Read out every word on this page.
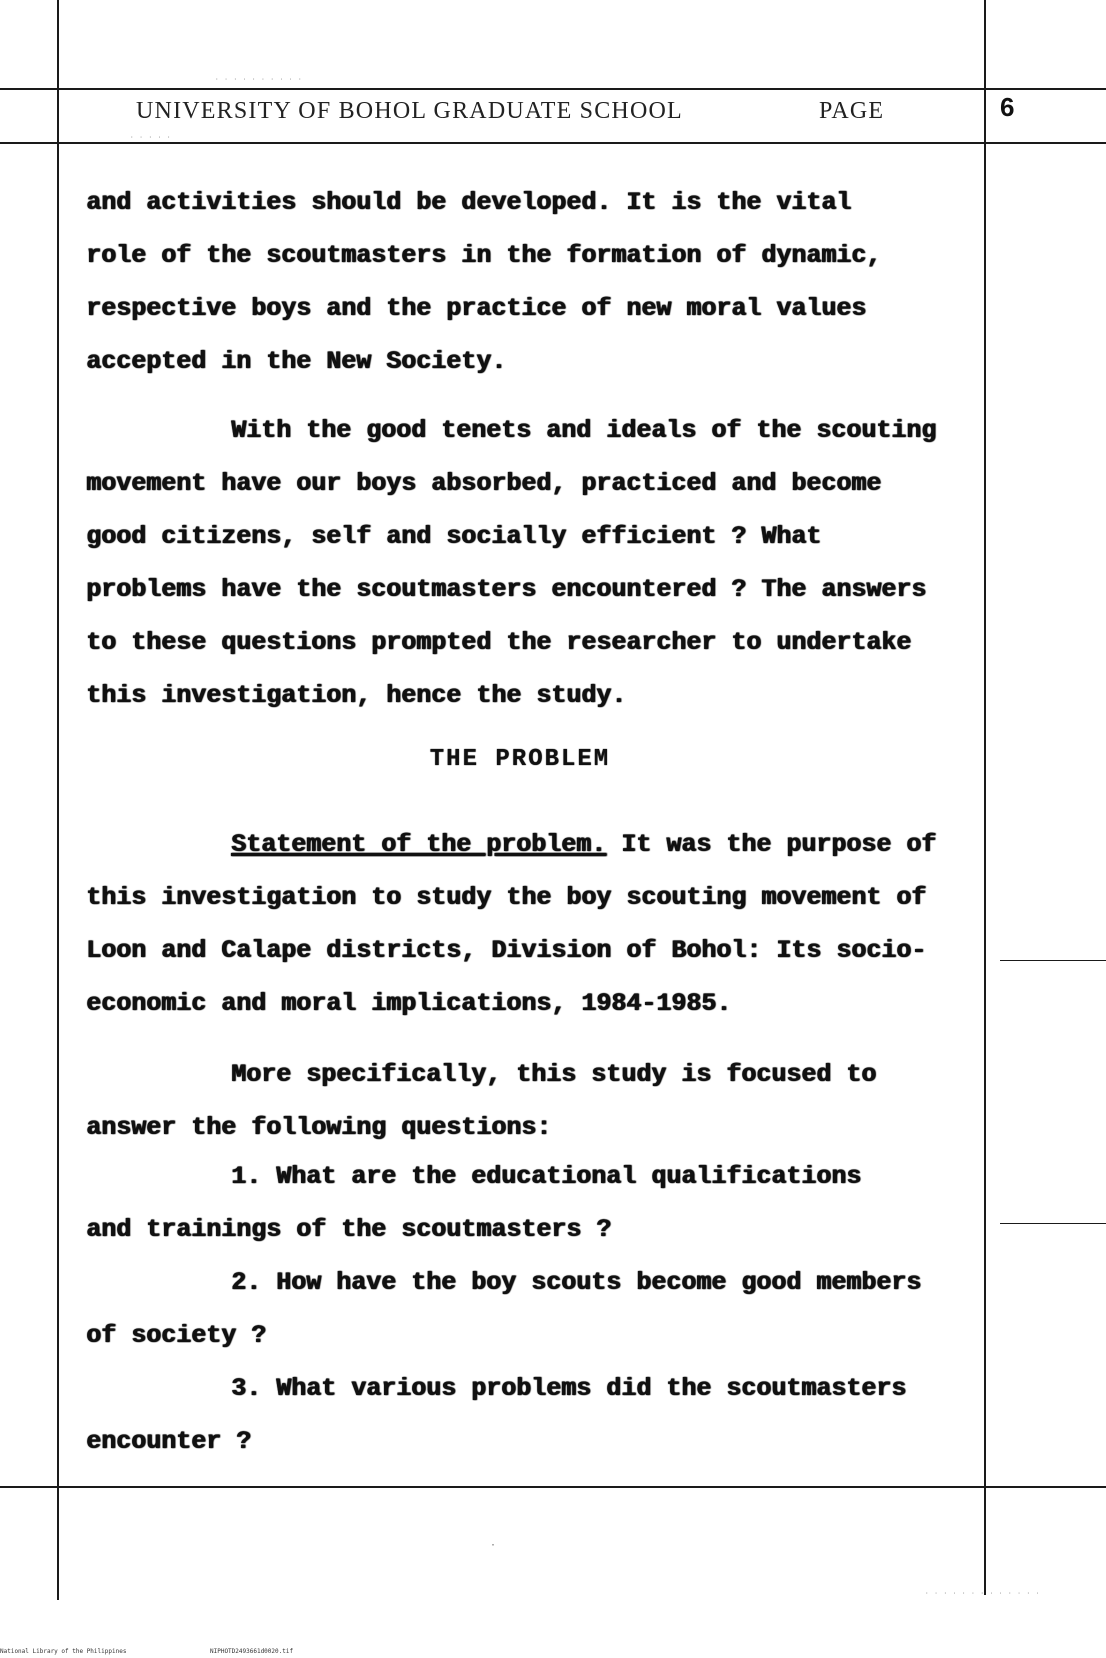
· · · · · · · · · ·
· · · · ·
UNIVERSITY OF BOHOL GRADUATE SCHOOL	PAGE	6
and activities should be developed. It is the vital
role of the scoutmasters in the formation of dynamic,
respective boys and the practice of new moral values
accepted in the New Society.
With the good tenets and ideals of the scouting
movement have our boys absorbed, practiced and become
good citizens, self and socially efficient ? What
problems have the scoutmasters encountered ? The answers
to these questions prompted the researcher to undertake
this investigation, hence the study.
THE PROBLEM
Statement of the problem. It was the purpose of
this investigation to study the boy scouting movement of
Loon and Calape districts, Division of Bohol: Its socio-
economic and moral implications, 1984-1985.
More specifically, this study is focused to
answer the following questions:
1. What are the educational qualifications
and trainings of the scoutmasters ?
2. How have the boy scouts become good members
of society ?
3. What various problems did the scoutmasters
encounter ?
·
· · · · · · · · · · · · ·
National Library of the Philippines	NIPHOTD2493661d0020.tif
